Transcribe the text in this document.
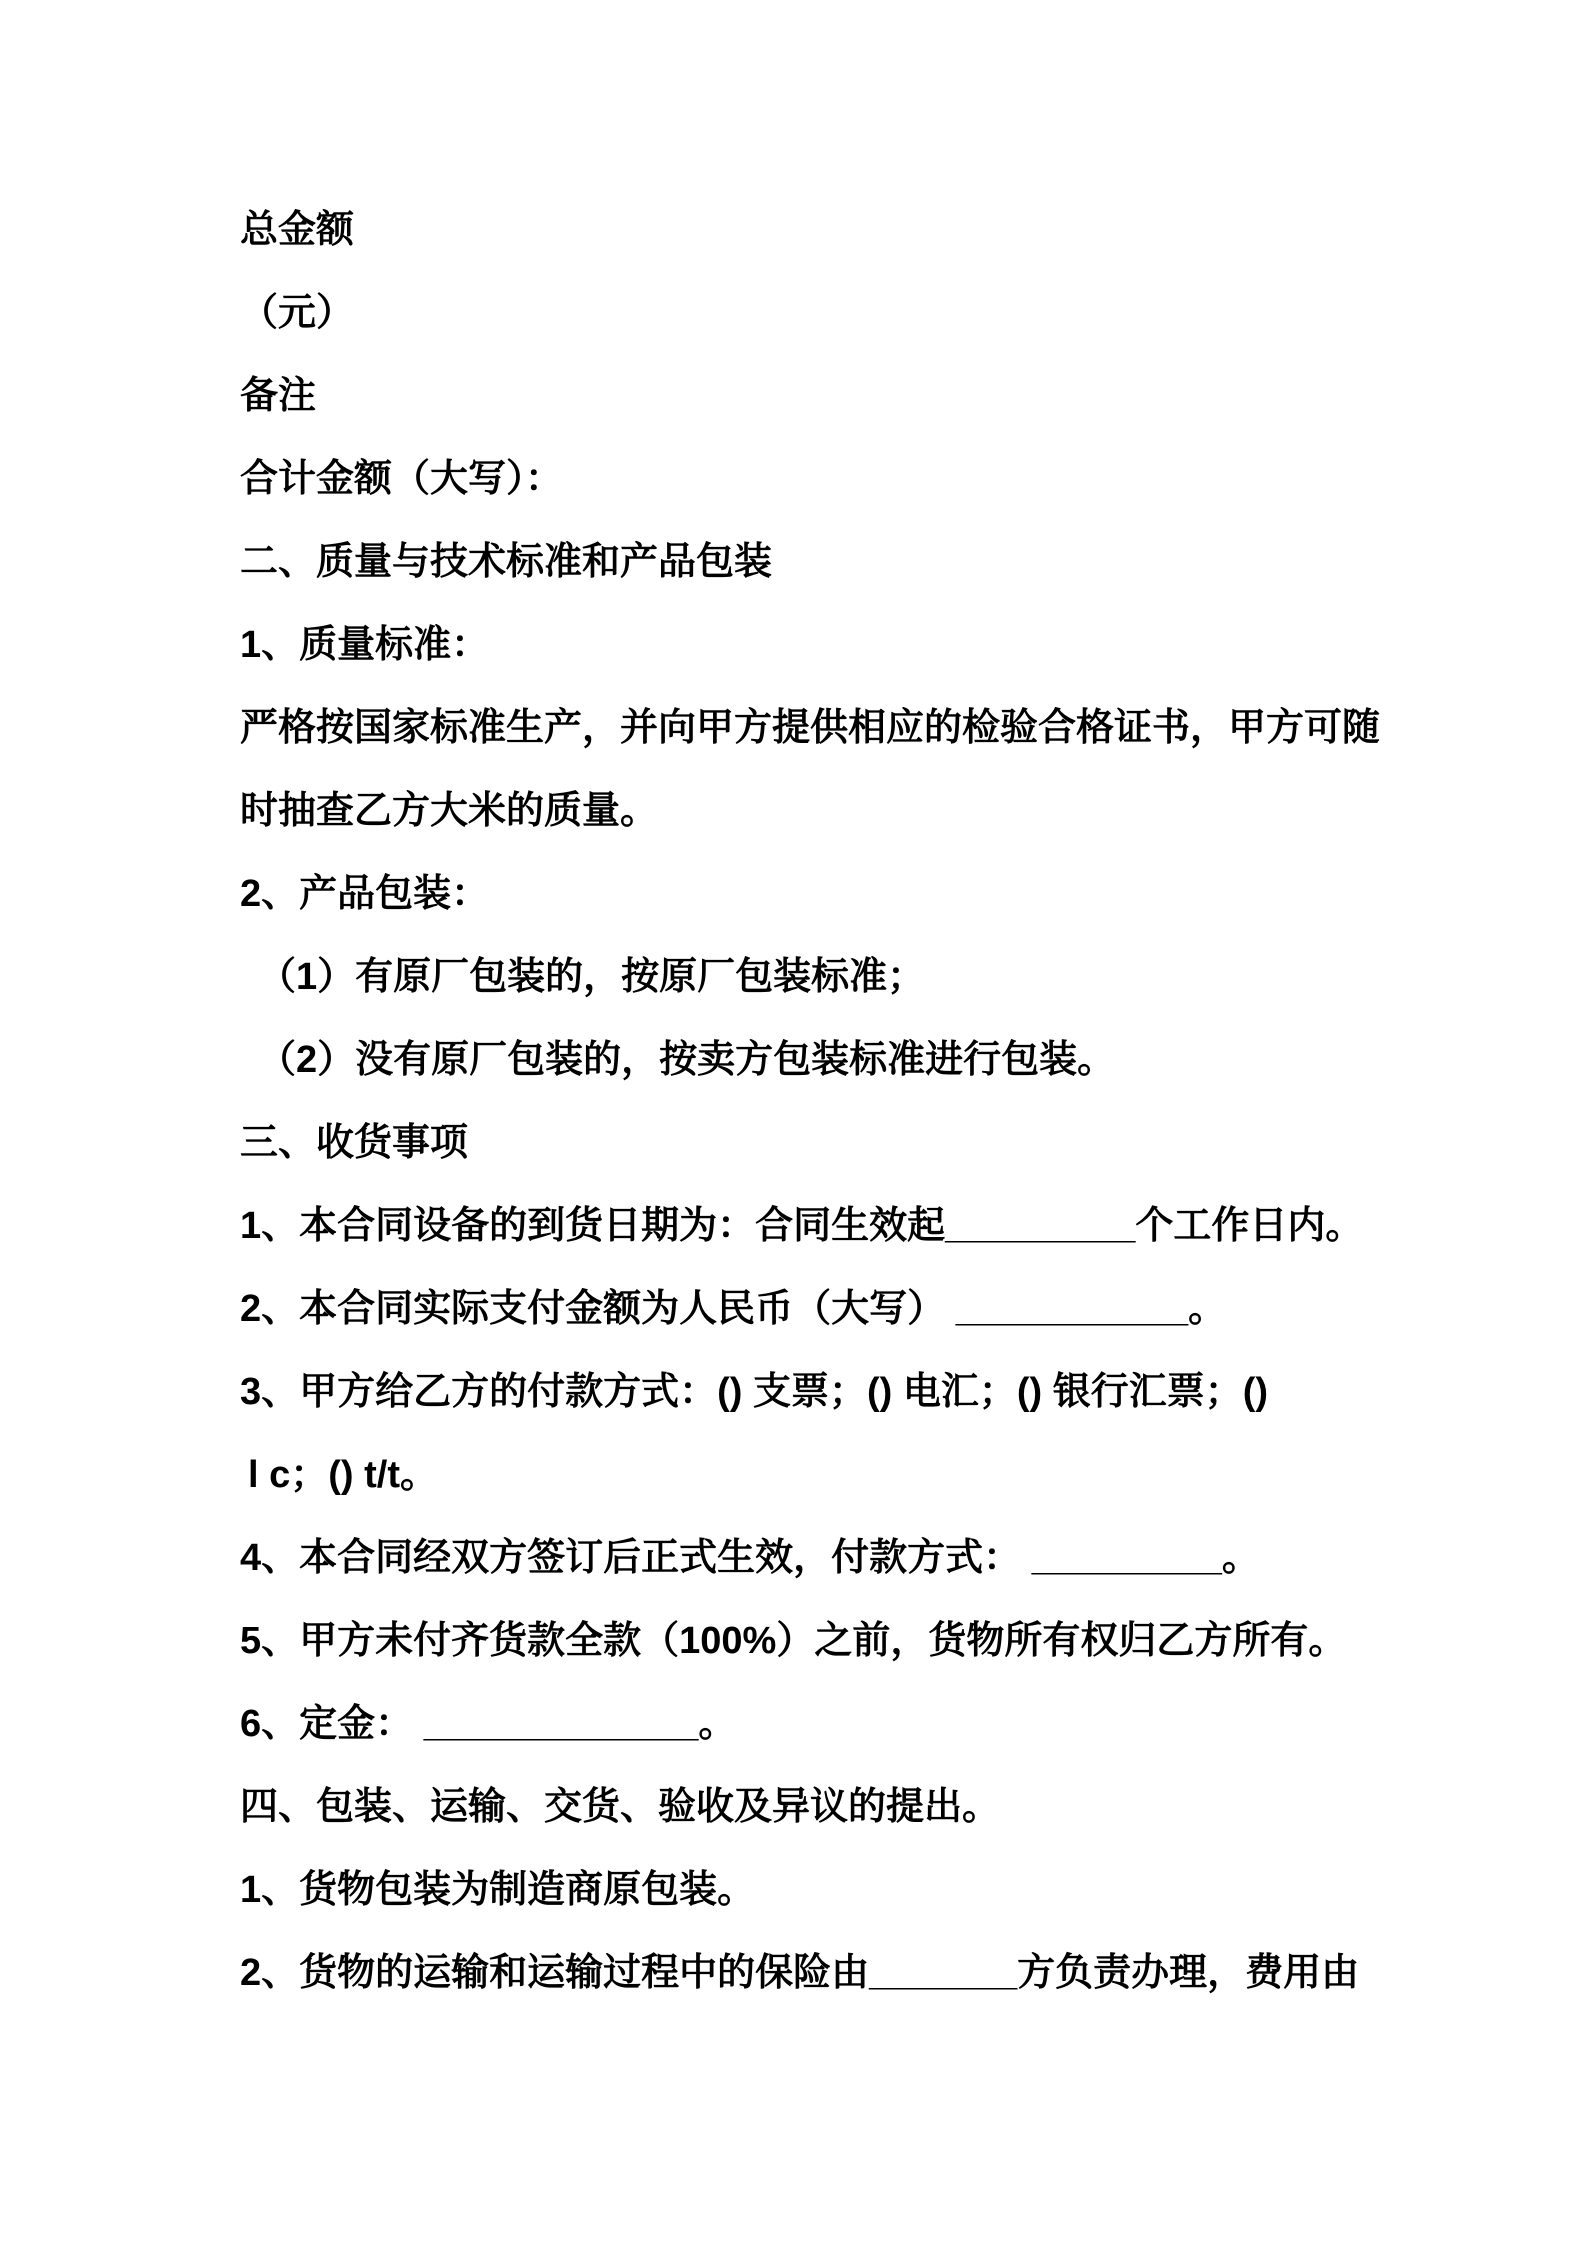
总金额

（元）

备注

合计金额（大写）：

二、质量与技术标准和产品包装

1、质量标准：

严格按国家标准生产，并向甲方提供相应的检验合格证书，甲方可随

时抽查乙方大米的质量。

2、产品包装：

（1）有原厂包装的，按原厂包装标准；

（2）没有原厂包装的，按卖方包装标准进行包装。

三、收货事项

1、本合同设备的到货日期为：合同生效起_________个工作日内。

2、本合同实际支付金额为人民币（大写） ___________。

3、甲方给乙方的付款方式：() 支票；() 电汇；() 银行汇票；()

l c；() t/t。

4、本合同经双方签订后正式生效，付款方式： _________。

5、甲方未付齐货款全款（100%）之前，货物所有权归乙方所有。

6、定金： _____________。

四、包装、运输、交货、验收及异议的提出。

1、货物包装为制造商原包装。

2、货物的运输和运输过程中的保险由_______方负责办理，费用由
